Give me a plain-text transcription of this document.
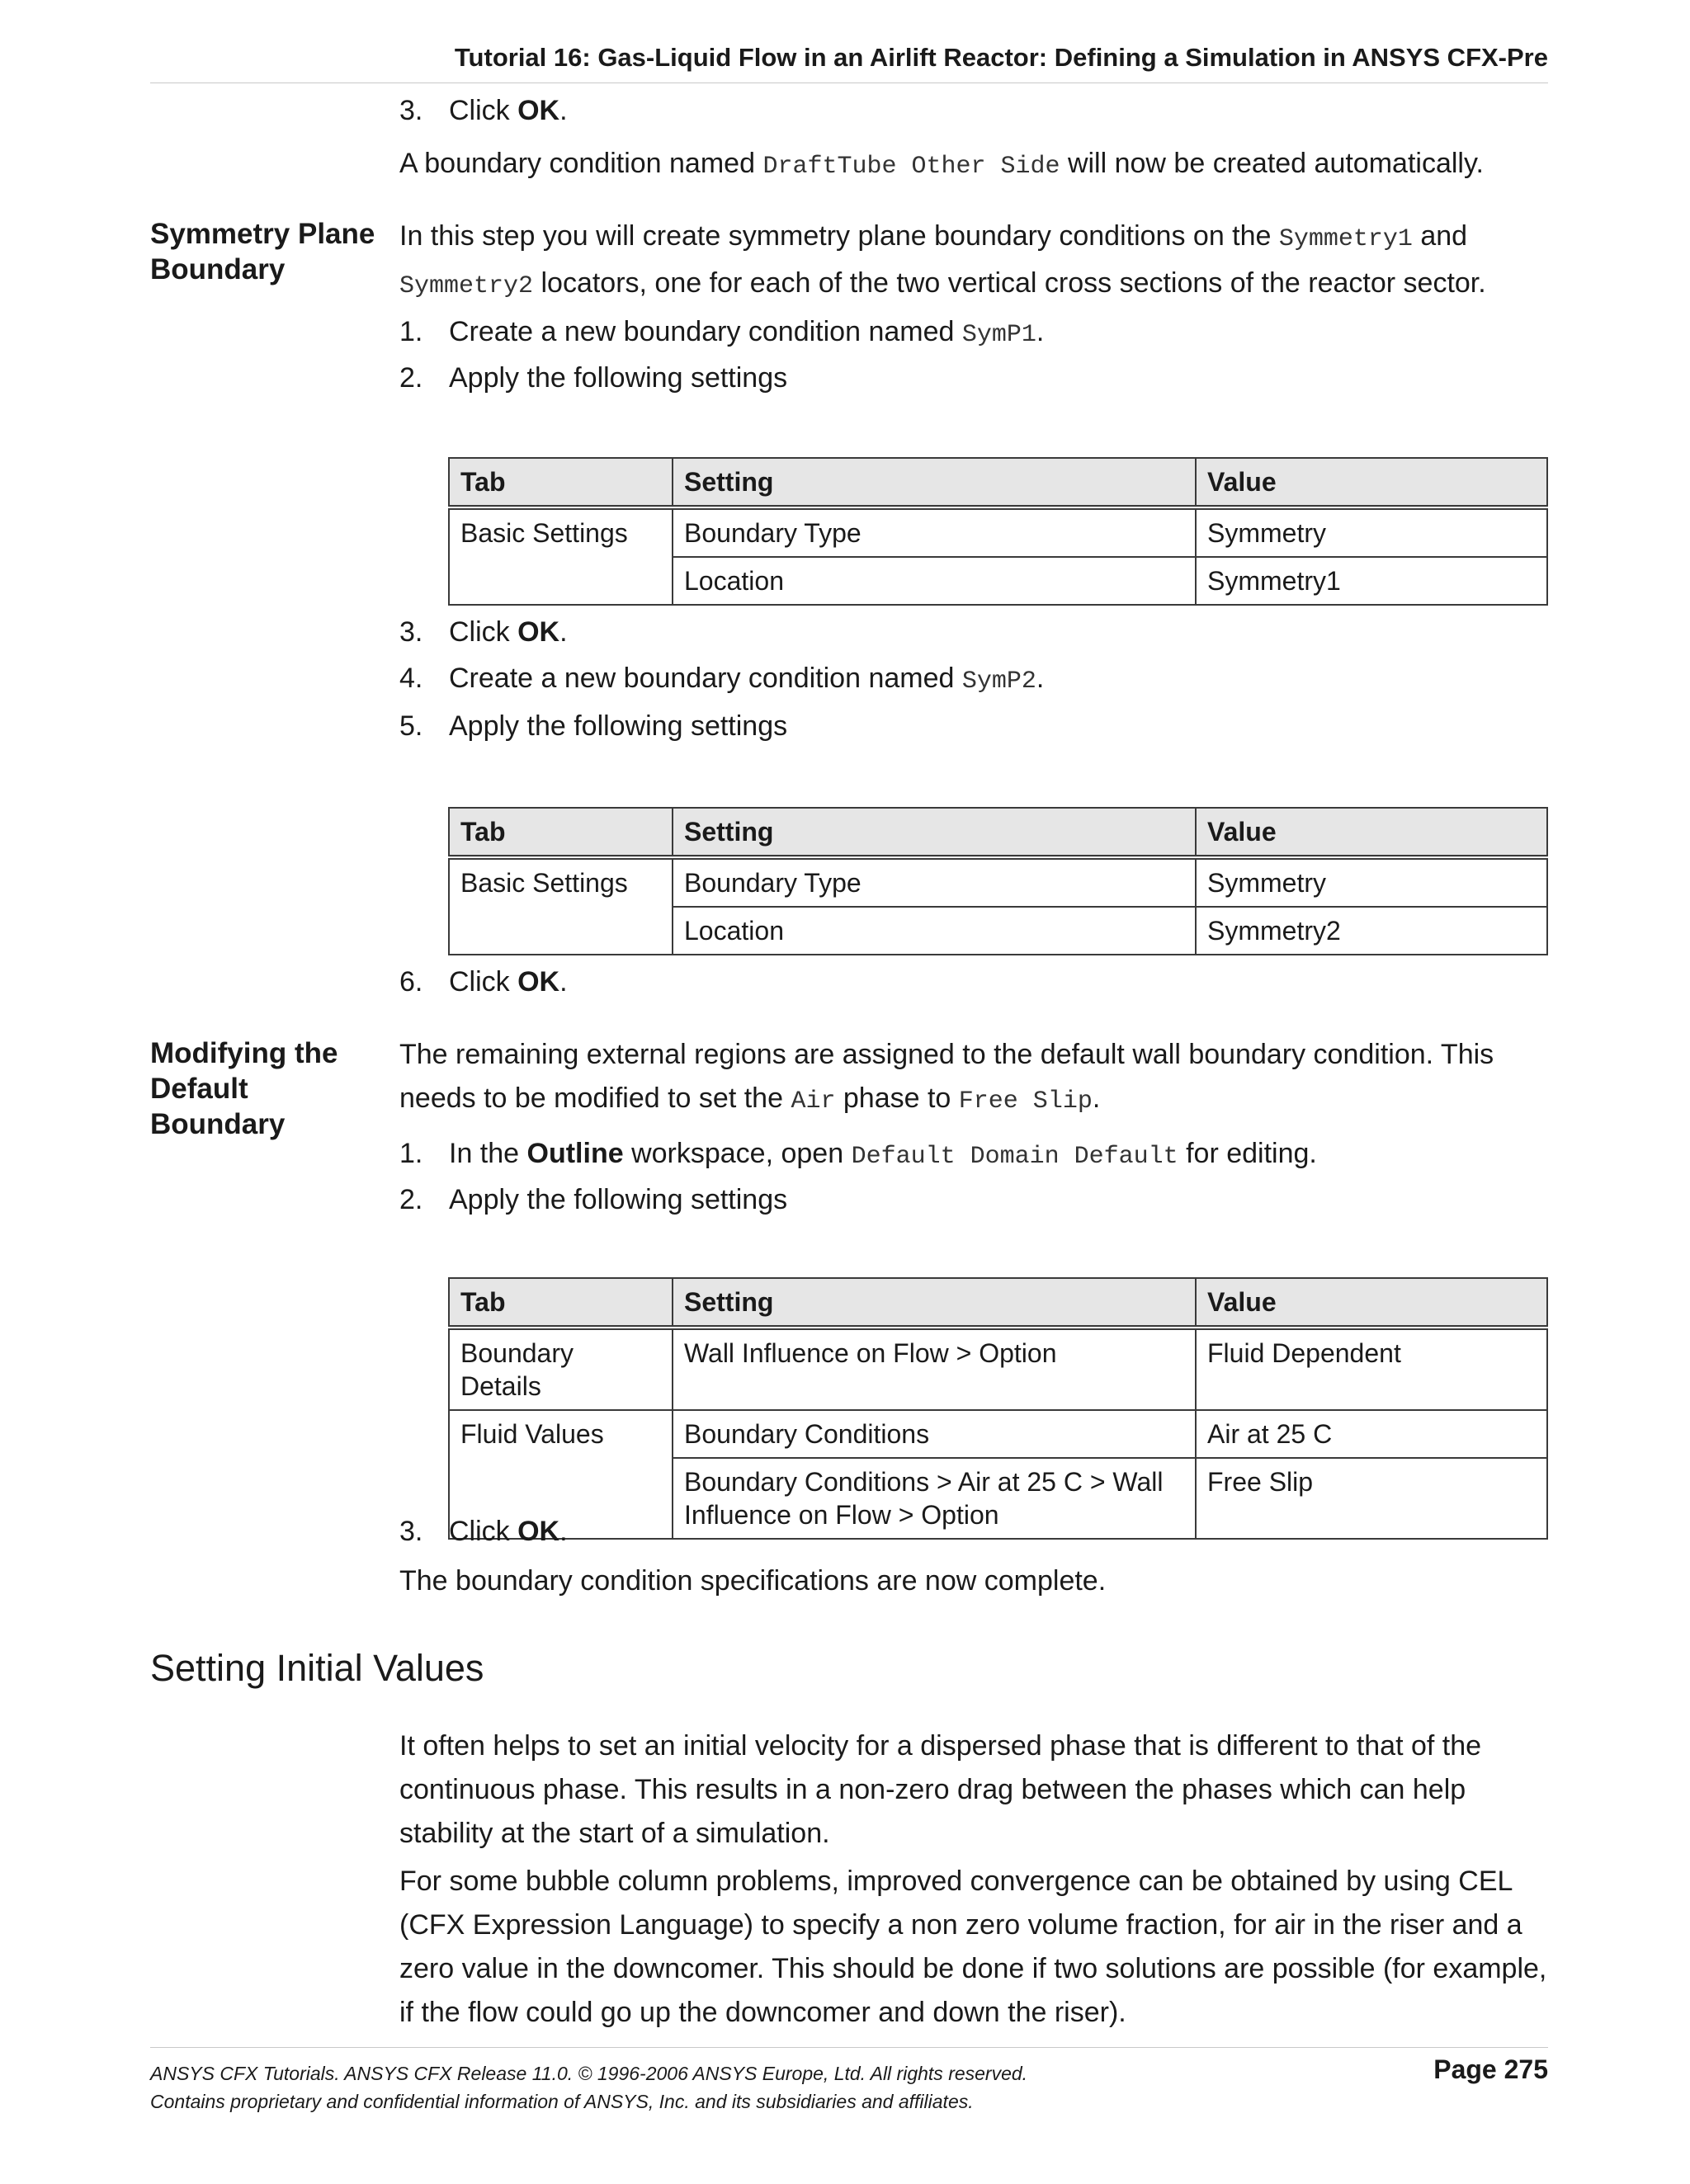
Tutorial 16: Gas-Liquid Flow in an Airlift Reactor: Defining a Simulation in ANSYS CFX-Pre
3. Click OK.
A boundary condition named DraftTube Other Side will now be created automatically.
Symmetry Plane
Boundary
In this step you will create symmetry plane boundary conditions on the Symmetry1 and
Symmetry2 locators, one for each of the two vertical cross sections of the reactor sector.
1. Create a new boundary condition named SymP1.
2. Apply the following settings
Tab	Setting	Value
Basic Settings	Boundary Type	Symmetry
	Location	Symmetry1
3. Click OK.
4. Create a new boundary condition named SymP2.
5. Apply the following settings
Tab	Setting	Value
Basic Settings	Boundary Type	Symmetry
	Location	Symmetry2
6. Click OK.
Modifying the
Default
Boundary
The remaining external regions are assigned to the default wall boundary condition. This
needs to be modified to set the Air phase to Free Slip.
1. In the Outline workspace, open Default Domain Default for editing.
2. Apply the following settings
Tab	Setting	Value
Boundary Details	Wall Influence on Flow > Option	Fluid Dependent
Fluid Values	Boundary Conditions	Air at 25 C
	Boundary Conditions > Air at 25 C > Wall Influence on Flow > Option	Free Slip
3. Click OK.
The boundary condition specifications are now complete.
Setting Initial Values
It often helps to set an initial velocity for a dispersed phase that is different to that of the continuous phase. This results in a non-zero drag between the phases which can help stability at the start of a simulation.
For some bubble column problems, improved convergence can be obtained by using CEL (CFX Expression Language) to specify a non zero volume fraction, for air in the riser and a zero value in the downcomer. This should be done if two solutions are possible (for example, if the flow could go up the downcomer and down the riser).
ANSYS CFX Tutorials. ANSYS CFX Release 11.0. © 1996-2006 ANSYS Europe, Ltd. All rights reserved.
Contains proprietary and confidential information of ANSYS, Inc. and its subsidiaries and affiliates.
Page 275
